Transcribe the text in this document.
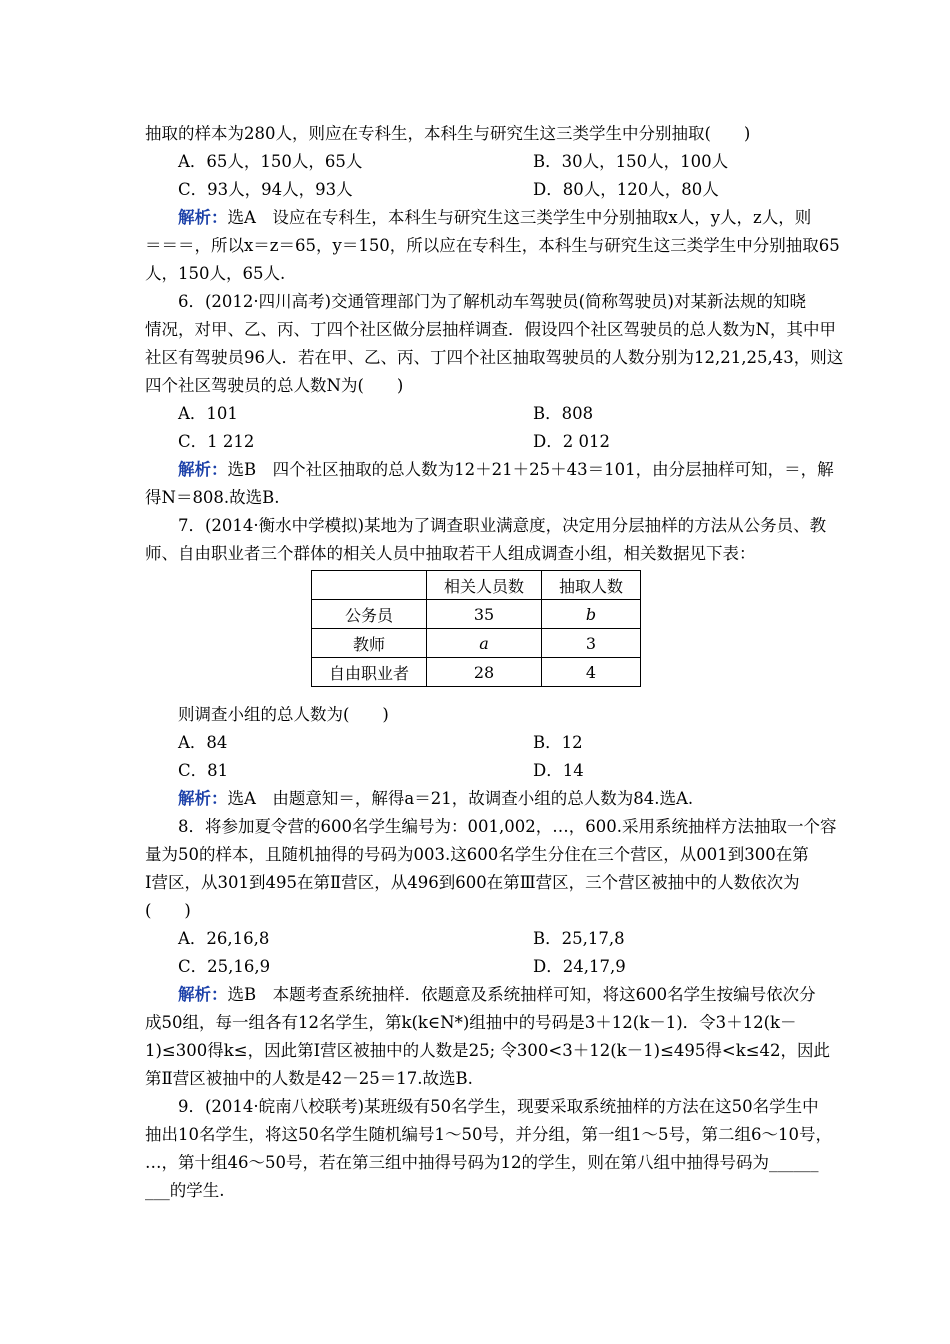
抽取的样本为280人，则应在专科生，本科生与研究生这三类学生中分别抽取(　　)
A．65人，150人，65人	B．30人，150人，100人
C．93人，94人，93人	D．80人，120人，80人
解析：选A　设应在专科生，本科生与研究生这三类学生中分别抽取x人，y人，z人，则
＝＝＝，所以x＝z＝65，y＝150，所以应在专科生，本科生与研究生这三类学生中分别抽取65
人，150人，65人.
6．(2012·四川高考)交通管理部门为了解机动车驾驶员(简称驾驶员)对某新法规的知晓
情况，对甲、乙、丙、丁四个社区做分层抽样调查．假设四个社区驾驶员的总人数为N，其中甲
社区有驾驶员96人．若在甲、乙、丙、丁四个社区抽取驾驶员的人数分别为12,21,25,43，则这
四个社区驾驶员的总人数N为(　　)
A．101	B．808
C．1 212	D．2 012
解析：选B　四个社区抽取的总人数为12＋21＋25＋43＝101，由分层抽样可知，＝，解
得N＝808.故选B.
7．(2014·衡水中学模拟)某地为了调查职业满意度，决定用分层抽样的方法从公务员、教
师、自由职业者三个群体的相关人员中抽取若干人组成调查小组，相关数据见下表：
	相关人员数	抽取人数
公务员	35	b
教师	a	3
自由职业者	28	4
则调查小组的总人数为(　　)
A．84	B．12
C．81	D．14
解析：选A　由题意知＝，解得a＝21，故调查小组的总人数为84.选A.
8．将参加夏令营的600名学生编号为：001,002，…，600.采用系统抽样方法抽取一个容
量为50的样本，且随机抽得的号码为003.这600名学生分住在三个营区，从001到300在第
Ⅰ营区，从301到495在第Ⅱ营区，从496到600在第Ⅲ营区，三个营区被抽中的人数依次为
(　　)
A．26,16,8	B．25,17,8
C．25,16,9	D．24,17,9
解析：选B　本题考查系统抽样．依题意及系统抽样可知，将这600名学生按编号依次分
成50组，每一组各有12名学生，第k(k∈N*)组抽中的号码是3＋12(k－1)．令3＋12(k－
1)≤300得k≤，因此第Ⅰ营区被抽中的人数是25; 令300<3＋12(k－1)≤495得<k≤42，因此
第Ⅱ营区被抽中的人数是42－25＝17.故选B.
9．(2014·皖南八校联考)某班级有50名学生，现要采取系统抽样的方法在这50名学生中
抽出10名学生，将这50名学生随机编号1～50号，并分组，第一组1～5号，第二组6～10号，
…，第十组46～50号，若在第三组中抽得号码为12的学生，则在第八组中抽得号码为______
___的学生.
